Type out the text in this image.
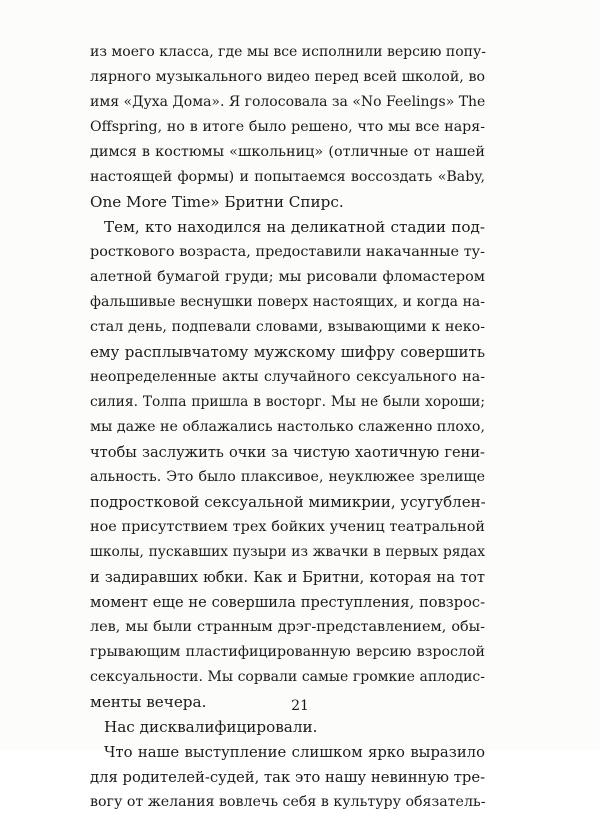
из моего класса, где мы все исполнили версию попу-
лярного музыкального видео перед всей школой, во
имя «Духа Дома». Я голосовала за «No Feelings» The
Offspring, но в итоге было решено, что мы все наря-
димся в костюмы «школьниц» (отличные от нашей
настоящей формы) и попытаемся воссоздать «Baby,
One More Time» Бритни Спирс.
Тем, кто находился на деликатной стадии под-
росткового возраста, предоставили накачанные ту-
алетной бумагой груди; мы рисовали фломастером
фальшивые веснушки поверх настоящих, и когда на-
стал день, подпевали словами, взывающими к неко-
ему расплывчатому мужскому шифру совершить
неопределенные акты случайного сексуального на-
силия. Толпа пришла в восторг. Мы не были хороши;
мы даже не облажались настолько слаженно плохо,
чтобы заслужить очки за чистую хаотичную гени-
альность. Это было плаксивое, неуклюжее зрелище
подростковой сексуальной мимикрии, усугублен-
ное присутствием трех бойких учениц театральной
школы, пускавших пузыри из жвачки в первых рядах
и задиравших юбки. Как и Бритни, которая на тот
момент еще не совершила преступления, повзрос-
лев, мы были странным дрэг-представлением, обы-
грывающим пластифицированную версию взрослой
сексуальности. Мы сорвали самые громкие аплодис-
менты вечера.
Нас дисквалифицировали.
Что наше выступление слишком ярко выразило
для родителей-судей, так это нашу невинную тре-
вогу от желания вовлечь себя в культуру обязатель-
21
